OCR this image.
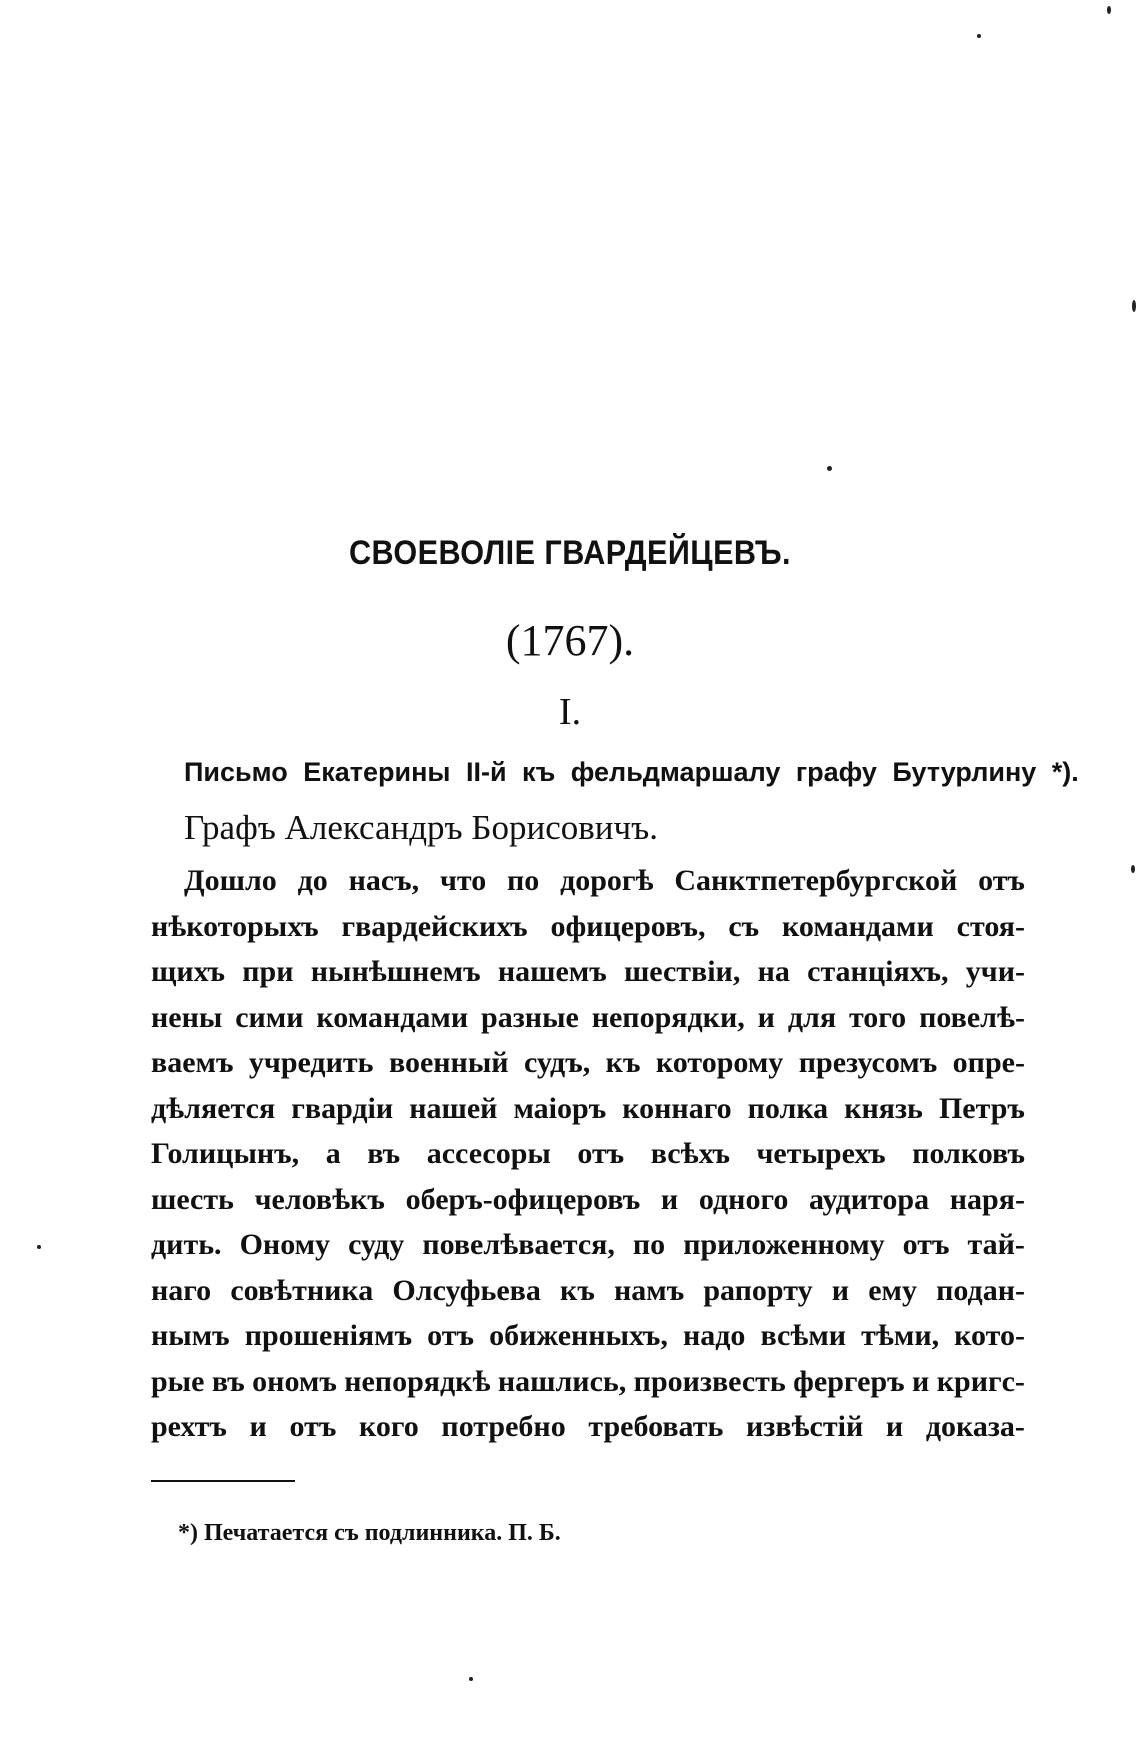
СВОЕВОЛІЕ ГВАРДЕЙЦЕВЪ.
(1767).
I.
Письмо Екатерины II-й къ фельдмаршалу графу Бутурлину *).
Графъ Александръ Борисовичъ.
Дошло до насъ, что по дорогѣ Санктпетербургской отъ
нѣкоторыхъ гвардейскихъ офицеровъ, съ командами стоя-
щихъ при нынѣшнемъ нашемъ шествіи, на станціяхъ, учи-
нены сими командами разные непорядки, и для того повелѣ-
ваемъ учредить военный судъ, къ которому презусомъ опре-
дѣляется гвардіи нашей маіоръ коннаго полка князь Петръ
Голицынъ, а въ ассесоры отъ всѣхъ четырехъ полковъ
шесть человѣкъ оберъ-офицеровъ и одного аудитора наря-
дить. Оному суду повелѣвается, по приложенному отъ тай-
наго совѣтника Олсуфьева къ намъ рапорту и ему подан-
нымъ прошеніямъ отъ обиженныхъ, надо всѣми тѣми, кото-
рые въ ономъ непорядкѣ нашлись, произвесть фергеръ и кригс-
рехтъ и отъ кого потребно требовать извѣстій и доказа-
*) Печатается съ подлинника. П. Б.
